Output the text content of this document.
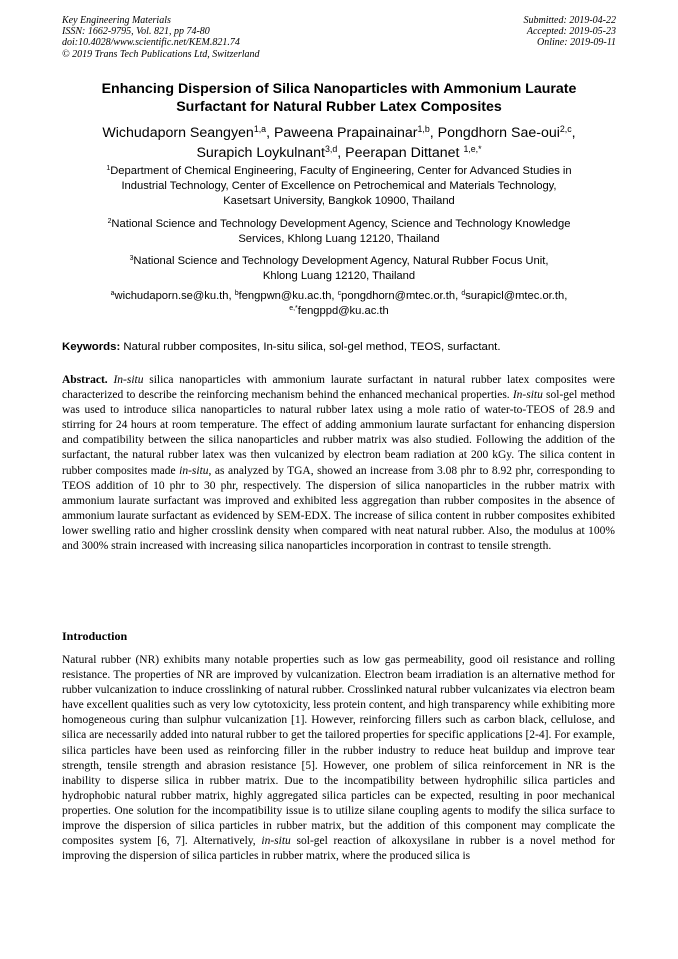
Key Engineering Materials
ISSN: 1662-9795, Vol. 821, pp 74-80
doi:10.4028/www.scientific.net/KEM.821.74
© 2019 Trans Tech Publications Ltd, Switzerland
Submitted: 2019-04-22
Accepted: 2019-05-23
Online: 2019-09-11
Enhancing Dispersion of Silica Nanoparticles with Ammonium Laurate
Surfactant for Natural Rubber Latex Composites
Wichudaporn Seangyen$^{1,a}$, Paweena Prapainainar$^{1,b}$, Pongdhorn Sae-oui$^{2,c}$,
Surapich Loykulnant$^{3,d}$, Peerapan Dittanet $^{1,e,*}$
$^1$Department of Chemical Engineering, Faculty of Engineering, Center for Advanced Studies in
Industrial Technology, Center of Excellence on Petrochemical and Materials Technology,
Kasetsart University, Bangkok 10900, Thailand
$^2$National Science and Technology Development Agency, Science and Technology Knowledge
Services, Khlong Luang 12120, Thailand
$^3$National Science and Technology Development Agency, Natural Rubber Focus Unit,
Khlong Luang 12120, Thailand
$^a$wichudaporn.se@ku.th, $^b$fengpwn@ku.ac.th, $^c$pongdhorn@mtec.or.th, $^d$surapicl@mtec.or.th,
$^{e,*}$fengppd@ku.ac.th
Keywords: Natural rubber composites, In-situ silica, sol-gel method, TEOS, surfactant.

Abstract. In-situ silica nanoparticles with ammonium laurate surfactant in natural rubber latex composites were characterized to describe the reinforcing mechanism behind the enhanced mechanical properties. In-situ sol-gel method was used to introduce silica nanoparticles to natural rubber latex using a mole ratio of water-to-TEOS of 28.9 and stirring for 24 hours at room temperature. The effect of adding ammonium laurate surfactant for enhancing dispersion and compatibility between the silica nanoparticles and rubber matrix was also studied. Following the addition of the surfactant, the natural rubber latex was then vulcanized by electron beam radiation at 200 kGy. The silica content in rubber composites made in-situ, as analyzed by TGA, showed an increase from 3.08 phr to 8.92 phr, corresponding to TEOS addition of 10 phr to 30 phr, respectively. The dispersion of silica nanoparticles in the rubber matrix with ammonium laurate surfactant was improved and exhibited less aggregation than rubber composites in the absence of ammonium laurate surfactant as evidenced by SEM-EDX. The increase of silica content in rubber composites exhibited lower swelling ratio and higher crosslink density when compared with neat natural rubber. Also, the modulus at 100% and 300% strain increased with increasing silica nanoparticles incorporation in contrast to tensile strength.

Introduction

Natural rubber (NR) exhibits many notable properties such as low gas permeability, good oil resistance and rolling resistance. The properties of NR are improved by vulcanization. Electron beam irradiation is an alternative method for rubber vulcanization to induce crosslinking of natural rubber. Crosslinked natural rubber vulcanizates via electron beam have excellent qualities such as very low cytotoxicity, less protein content, and high transparency while exhibiting more homogeneous curing than sulphur vulcanization [1]. However, reinforcing fillers such as carbon black, cellulose, and silica are necessarily added into natural rubber to get the tailored properties for specific applications [2-4]. For example, silica particles have been used as reinforcing filler in the rubber industry to reduce heat buildup and improve tear strength, tensile strength and abrasion resistance [5]. However, one problem of silica reinforcement in NR is the inability to disperse silica in rubber matrix. Due to the incompatibility between hydrophilic silica particles and hydrophobic natural rubber matrix, highly aggregated silica particles can be expected, resulting in poor mechanical properties. One solution for the incompatibility issue is to utilize silane coupling agents to modify the silica surface to improve the dispersion of silica particles in rubber matrix, but the addition of this component may complicate the composites system [6, 7]. Alternatively, in-situ sol-gel reaction of alkoxysilane in rubber is a novel method for improving the dispersion of silica particles in rubber matrix, where the produced silica is
